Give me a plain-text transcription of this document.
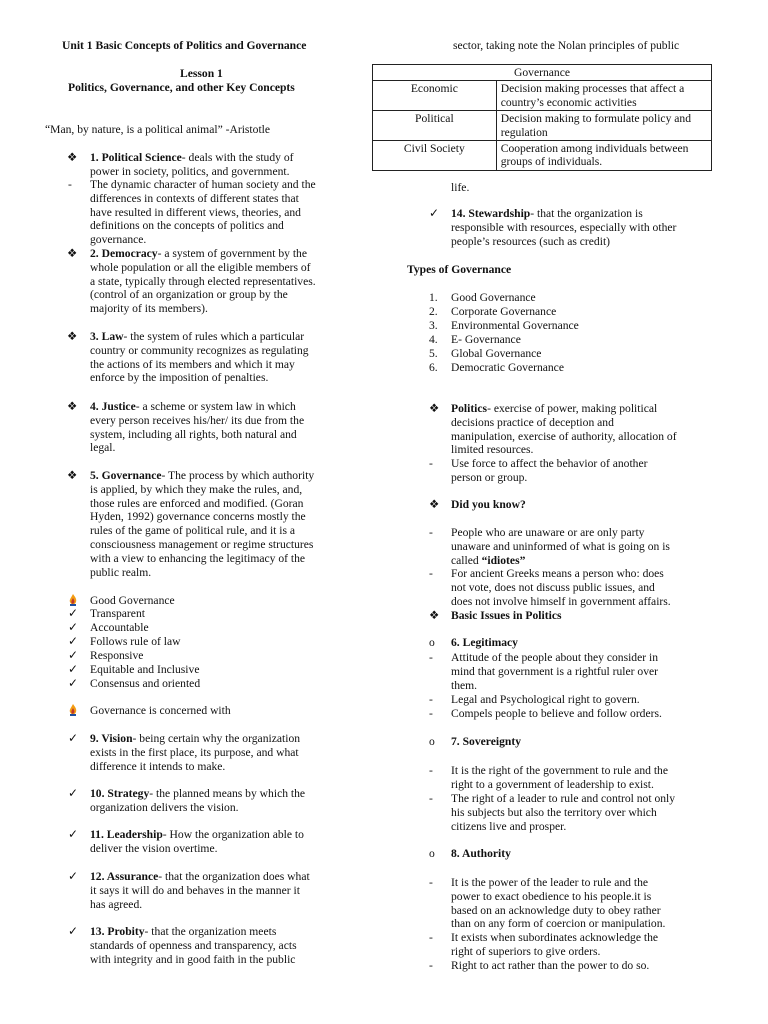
Unit 1 Basic Concepts of Politics and Governance
Lesson 1
Politics, Governance, and other Key Concepts
“Man, by nature, is a political animal” -Aristotle
❖	1. Political Science- deals with the study of
power in society, politics, and government.
-	The dynamic character of human society and the
differences in contexts of different states that
have resulted in different views, theories, and
definitions on the concepts of politics and
governance.
❖	2. Democracy- a system of government by the
whole population or all the eligible members of
a state, typically through elected representatives.
(control of an organization or group by the
majority of its members).
❖	3. Law- the system of rules which a particular
country or community recognizes as regulating
the actions of its members and which it may
enforce by the imposition of penalties.
❖	4. Justice- a scheme or system law in which
every person receives his/her/ its due from the
system, including all rights, both natural and
legal.
❖	5. Governance- The process by which authority
is applied, by which they make the rules, and,
those rules are enforced and modified. (Goran
Hyden, 1992) governance concerns mostly the
rules of the game of political rule, and it is a
consciousness management or regime structures
with a view to enhancing the legitimacy of the
public realm.
Good Governance
✓	Transparent
✓	Accountable
✓	Follows rule of law
✓	Responsive
✓	Equitable and Inclusive
✓	Consensus and oriented
Governance is concerned with
✓	9. Vision- being certain why the organization
exists in the first place, its purpose, and what
difference it intends to make.
✓	10. Strategy- the planned means by which the
organization delivers the vision.
✓	11. Leadership- How the organization able to
deliver the vision overtime.
✓	12. Assurance- that the organization does what
it says it will do and behaves in the manner it
has agreed.
✓	13. Probity- that the organization meets
standards of openness and transparency, acts
with integrity and in good faith in the public
sector, taking note the Nolan principles of public
Governance	
Economic	Decision making processes that affect a country’s economic activities
Political	Decision making to formulate policy and regulation
Civil Society	Cooperation among individuals between groups of individuals.
life.
✓	14. Stewardship- that the organization is
responsible with resources, especially with other
people’s resources (such as credit)
Types of Governance
1. Good Governance
2. Corporate Governance
3. Environmental Governance
4. E- Governance
5. Global Governance
6. Democratic Governance
❖ Politics- exercise of power, making political
decisions practice of deception and
manipulation, exercise of authority, allocation of
limited resources.
-	Use force to affect the behavior of another
person or group.
❖ Did you know?
-	People who are unaware or are only party
unaware and uninformed of what is going on is
called “idiotes”
-	For ancient Greeks means a person who: does
not vote, does not discuss public issues, and
does not involve himself in government affairs.
❖ Basic Issues in Politics
o	6. Legitimacy
-	Attitude of the people about they consider in
mind that government is a rightful ruler over
them.
-	Legal and Psychological right to govern.
-	Compels people to believe and follow orders.
o	7. Sovereignty
-	It is the right of the government to rule and the
right to a government of leadership to exist.
-	The right of a leader to rule and control not only
his subjects but also the territory over which
citizens live and prosper.
o	8. Authority
-	It is the power of the leader to rule and the
power to exact obedience to his people.it is
based on an acknowledge duty to obey rather
than on any form of coercion or manipulation.
-	It exists when subordinates acknowledge the
right of superiors to give orders.
-	Right to act rather than the power to do so.
